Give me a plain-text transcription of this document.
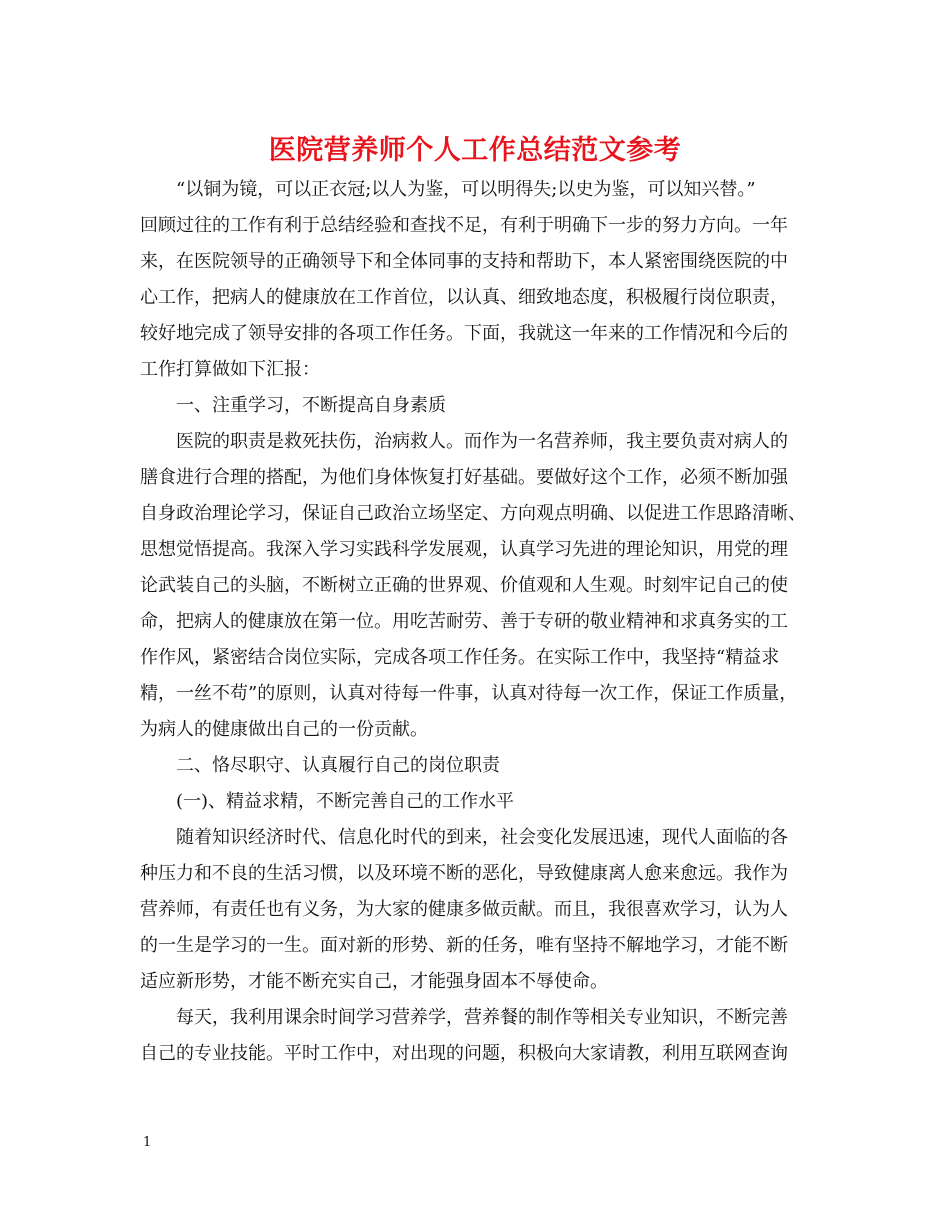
医院营养师个人工作总结范文参考

“以铜为镜，可以正衣冠;以人为鉴，可以明得失;以史为鉴，可以知兴替。”

回顾过往的工作有利于总结经验和查找不足，有利于明确下一步的努力方向。一年

来，在医院领导的正确领导下和全体同事的支持和帮助下，本人紧密围绕医院的中

心工作，把病人的健康放在工作首位，以认真、细致地态度，积极履行岗位职责，

较好地完成了领导安排的各项工作任务。下面，我就这一年来的工作情况和今后的

工作打算做如下汇报：

一、注重学习，不断提高自身素质

医院的职责是救死扶伤，治病救人。而作为一名营养师，我主要负责对病人的

膳食进行合理的搭配，为他们身体恢复打好基础。要做好这个工作，必须不断加强

自身政治理论学习，保证自己政治立场坚定、方向观点明确、以促进工作思路清晰、

思想觉悟提高。我深入学习实践科学发展观，认真学习先进的理论知识，用党的理

论武装自己的头脑，不断树立正确的世界观、价值观和人生观。时刻牢记自己的使

命，把病人的健康放在第一位。用吃苦耐劳、善于专研的敬业精神和求真务实的工

作作风，紧密结合岗位实际，完成各项工作任务。在实际工作中，我坚持“精益求

精，一丝不苟”的原则，认真对待每一件事，认真对待每一次工作，保证工作质量，

为病人的健康做出自己的一份贡献。

二、恪尽职守、认真履行自己的岗位职责

(一)、精益求精，不断完善自己的工作水平

随着知识经济时代、信息化时代的到来，社会变化发展迅速，现代人面临的各

种压力和不良的生活习惯，以及环境不断的恶化，导致健康离人愈来愈远。我作为

营养师，有责任也有义务，为大家的健康多做贡献。而且，我很喜欢学习，认为人

的一生是学习的一生。面对新的形势、新的任务，唯有坚持不解地学习，才能不断

适应新形势，才能不断充实自己，才能强身固本不辱使命。

每天，我利用课余时间学习营养学，营养餐的制作等相关专业知识，不断完善

自己的专业技能。平时工作中，对出现的问题，积极向大家请教，利用互联网查询

1
